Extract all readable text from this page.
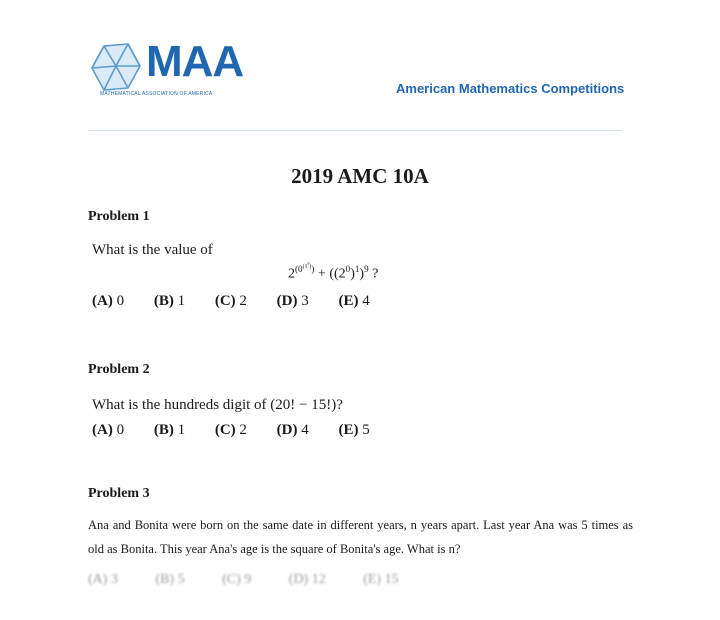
MAA
MATHEMATICAL ASSOCIATION OF AMERICA	American Mathematics Competitions
2019 AMC 10A
Problem 1
What is the value of
$2^{(0^{(1^9)})} + ((2^0)^1)^9$ ?
(A) 0 (B) 1 (C) 2 (D) 3 (E) 4
Problem 2
What is the hundreds digit of (20! − 15!)?
(A) 0 (B) 1 (C) 2 (D) 4 (E) 5
Problem 3
Ana and Bonita were born on the same date in different years, n years apart. Last year Ana was 5 times as old as Bonita. This year Ana's age is the square of Bonita's age. What is n?
(A) 3	(B) 5	(C) 9	(D) 12	(E) 15
